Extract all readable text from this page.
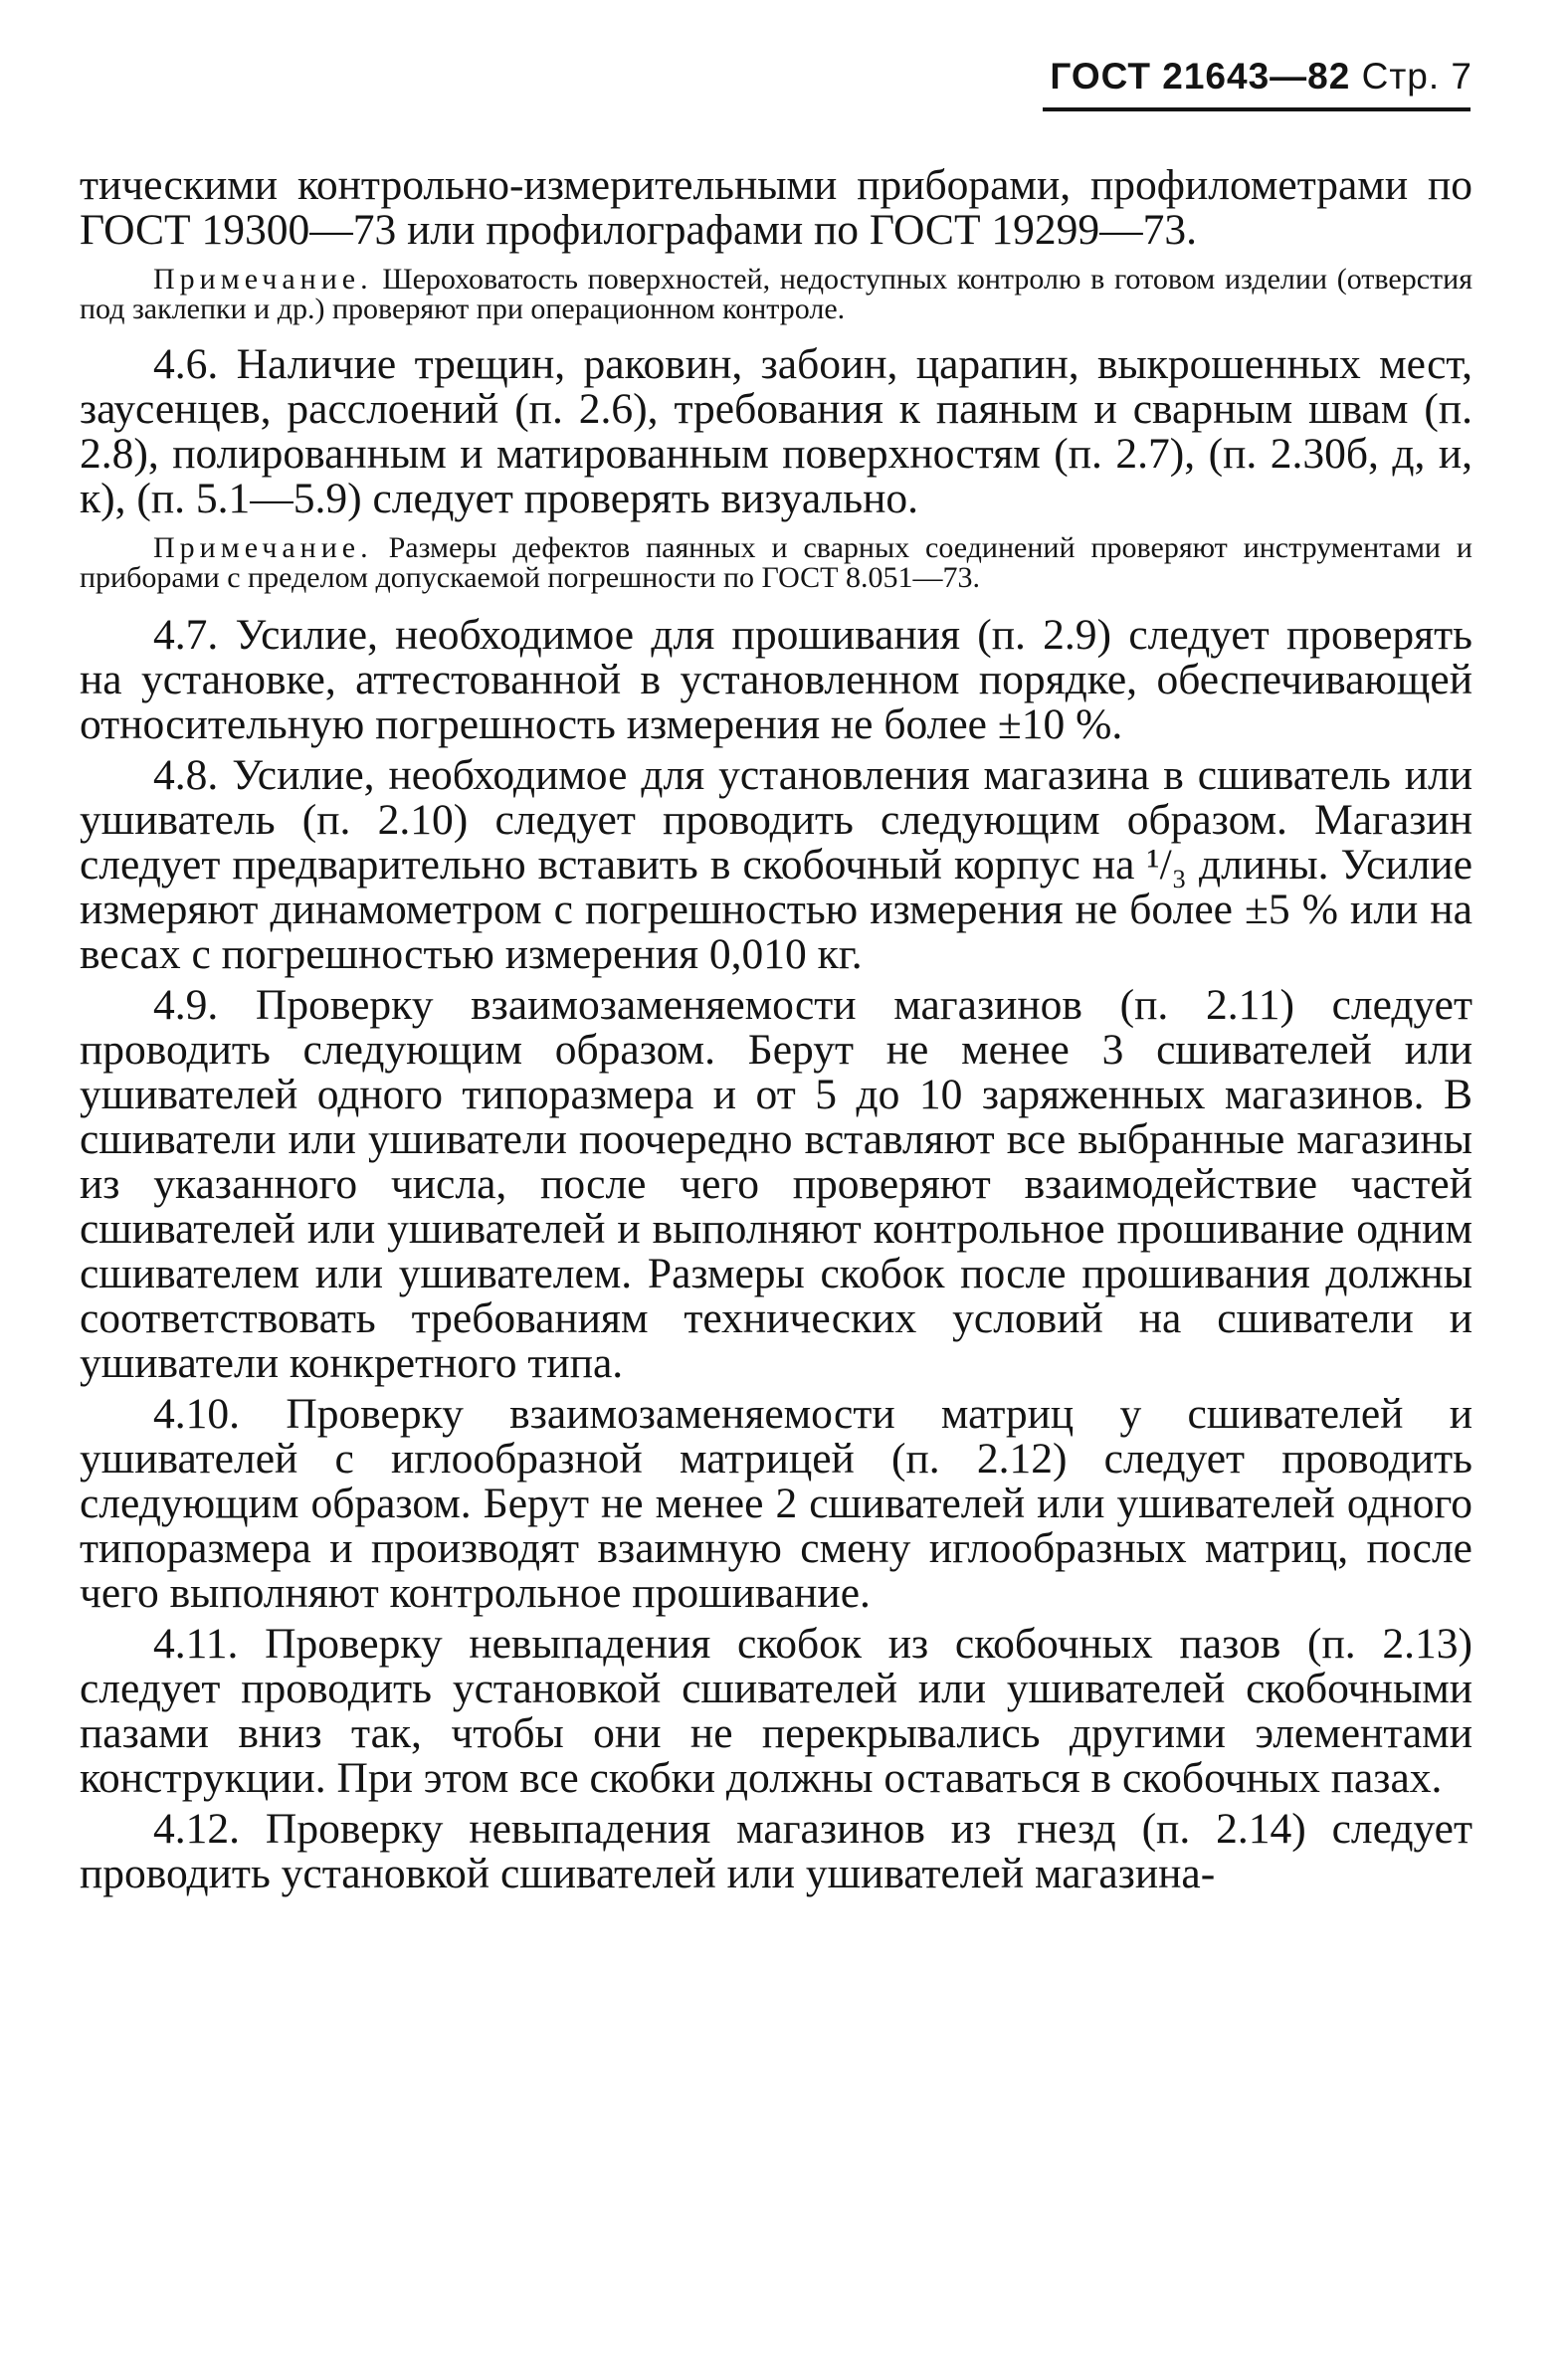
ГОСТ 21643—82 Стр. 7

тическими контрольно-измерительными приборами, профилометрами по ГОСТ 19300—73 или профилографами по ГОСТ 19299—73.

Примечание. Шероховатость поверхностей, недоступных контролю в готовом изделии (отверстия под заклепки и др.) проверяют при операционном контроле.

4.6. Наличие трещин, раковин, забоин, царапин, выкрошенных мест, заусенцев, расслоений (п. 2.6), требования к паяным и сварным швам (п. 2.8), полированным и матированным поверхностям (п. 2.7), (п. 2.30б, д, и, к), (п. 5.1—5.9) следует проверять визуально.

Примечание. Размеры дефектов паянных и сварных соединений проверяют инструментами и приборами с пределом допускаемой погрешности по ГОСТ 8.051—73.

4.7. Усилие, необходимое для прошивания (п. 2.9) следует проверять на установке, аттестованной в установленном порядке, обеспечивающей относительную погрешность измерения не более ±10 %.

4.8. Усилие, необходимое для установления магазина в сшиватель или ушиватель (п. 2.10) следует проводить следующим образом. Магазин следует предварительно вставить в скобочный корпус на ¹/₃ длины. Усилие измеряют динамометром с погрешностью измерения не более ±5 % или на весах с погрешностью измерения 0,010 кг.

4.9. Проверку взаимозаменяемости магазинов (п. 2.11) следует проводить следующим образом. Берут не менее 3 сшивателей или ушивателей одного типоразмера и от 5 до 10 заряженных магазинов. В сшиватели или ушиватели поочередно вставляют все выбранные магазины из указанного числа, после чего проверяют взаимодействие частей сшивателей или ушивателей и выполняют контрольное прошивание одним сшивателем или ушивателем. Размеры скобок после прошивания должны соответствовать требованиям технических условий на сшиватели и ушиватели конкретного типа.

4.10. Проверку взаимозаменяемости матриц у сшивателей и ушивателей с иглообразной матрицей (п. 2.12) следует проводить следующим образом. Берут не менее 2 сшивателей или ушивателей одного типоразмера и производят взаимную смену иглообразных матриц, после чего выполняют контрольное прошивание.

4.11. Проверку невыпадения скобок из скобочных пазов (п. 2.13) следует проводить установкой сшивателей или ушивателей скобочными пазами вниз так, чтобы они не перекрывались другими элементами конструкции. При этом все скобки должны оставаться в скобочных пазах.

4.12. Проверку невыпадения магазинов из гнезд (п. 2.14) следует проводить установкой сшивателей или ушивателей магазина-
